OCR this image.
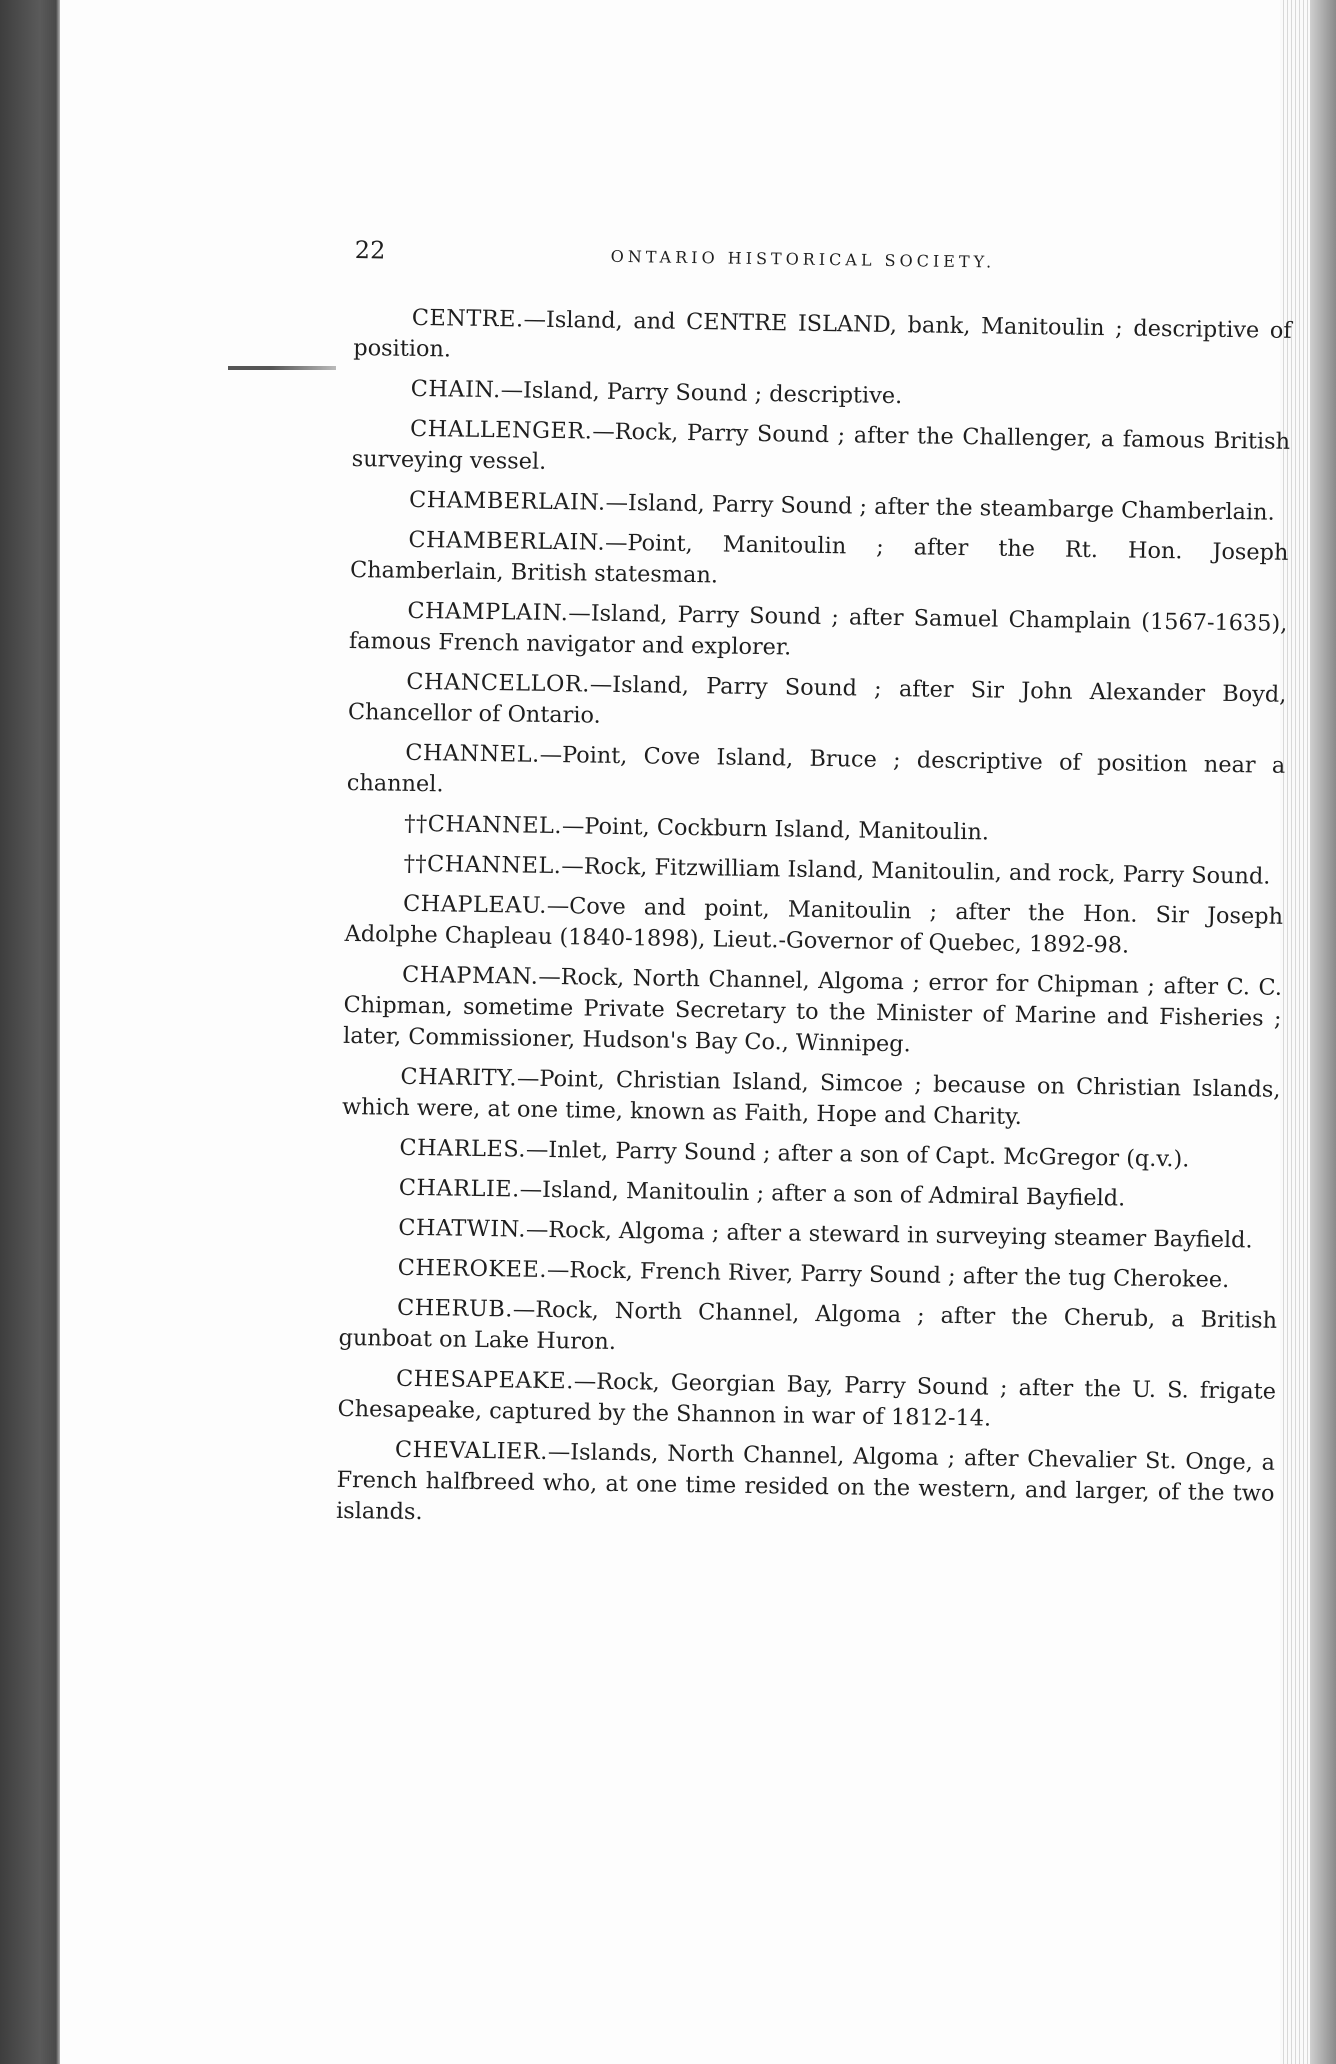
22	ONTARIO HISTORICAL SOCIETY.

CENTRE.—Island, and CENTRE ISLAND, bank, Manitoulin ; descriptive of position.

CHAIN.—Island, Parry Sound ; descriptive.

CHALLENGER.—Rock, Parry Sound ; after the Challenger, a famous British surveying vessel.

CHAMBERLAIN.—Island, Parry Sound ; after the steambarge Chamberlain.

CHAMBERLAIN.—Point, Manitoulin ; after the Rt. Hon. Joseph Chamberlain, British statesman.

CHAMPLAIN.—Island, Parry Sound ; after Samuel Champlain (1567-1635), famous French navigator and explorer.

CHANCELLOR.—Island, Parry Sound ; after Sir John Alexander Boyd, Chancellor of Ontario.

CHANNEL.—Point, Cove Island, Bruce ; descriptive of position near a channel.

††CHANNEL.—Point, Cockburn Island, Manitoulin.

††CHANNEL.—Rock, Fitzwilliam Island, Manitoulin, and rock, Parry Sound.

CHAPLEAU.—Cove and point, Manitoulin ; after the Hon. Sir Joseph Adolphe Chapleau (1840-1898), Lieut.-Governor of Quebec, 1892-98.

CHAPMAN.—Rock, North Channel, Algoma ; error for Chipman ; after C. C. Chipman, sometime Private Secretary to the Minister of Marine and Fisheries ; later, Commissioner, Hudson's Bay Co., Winnipeg.

CHARITY.—Point, Christian Island, Simcoe ; because on Christian Islands, which were, at one time, known as Faith, Hope and Charity.

CHARLES.—Inlet, Parry Sound ; after a son of Capt. McGregor (q.v.).

CHARLIE.—Island, Manitoulin ; after a son of Admiral Bayfield.

CHATWIN.—Rock, Algoma ; after a steward in surveying steamer Bayfield.

CHEROKEE.—Rock, French River, Parry Sound ; after the tug Cherokee.

CHERUB.—Rock, North Channel, Algoma ; after the Cherub, a British gunboat on Lake Huron.

CHESAPEAKE.—Rock, Georgian Bay, Parry Sound ; after the U. S. frigate Chesapeake, captured by the Shannon in war of 1812-14.

CHEVALIER.—Islands, North Channel, Algoma ; after Chevalier St. Onge, a French halfbreed who, at one time resided on the western, and larger, of the two islands.
